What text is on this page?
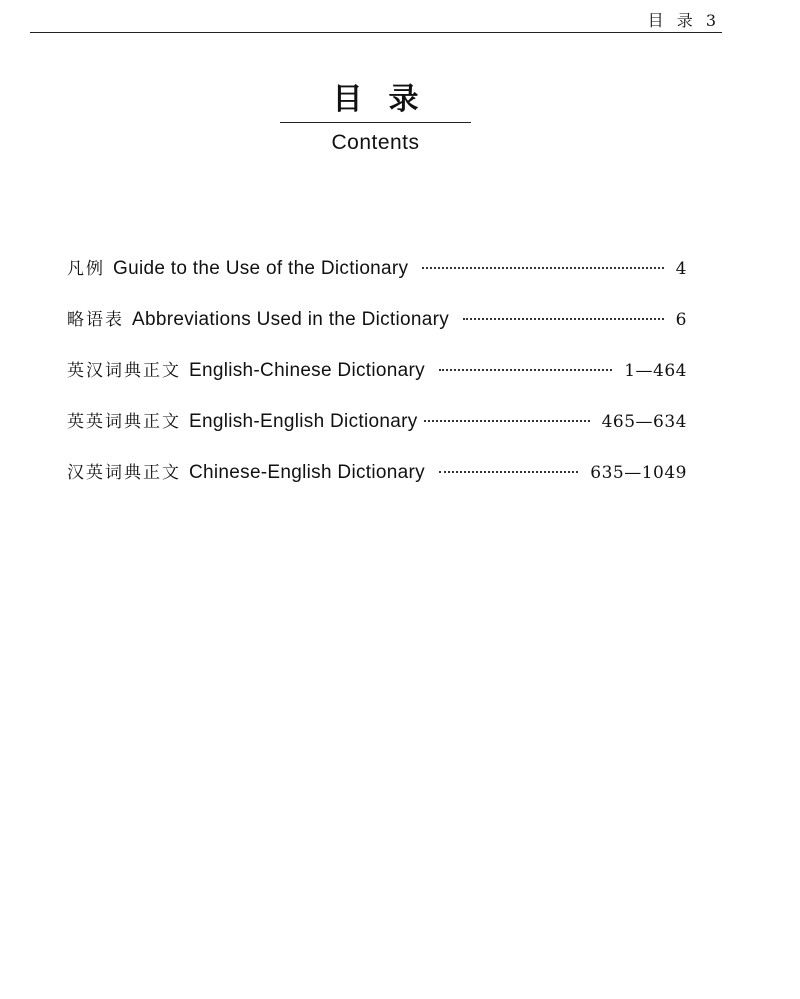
目 录 3
目录
Contents
凡例 Guide to the Use of the Dictionary	4
略语表 Abbreviations Used in the Dictionary	6
英汉词典正文 English-Chinese Dictionary	1—464
英英词典正文 English-English Dictionary	465—634
汉英词典正文 Chinese-English Dictionary	635—1049
